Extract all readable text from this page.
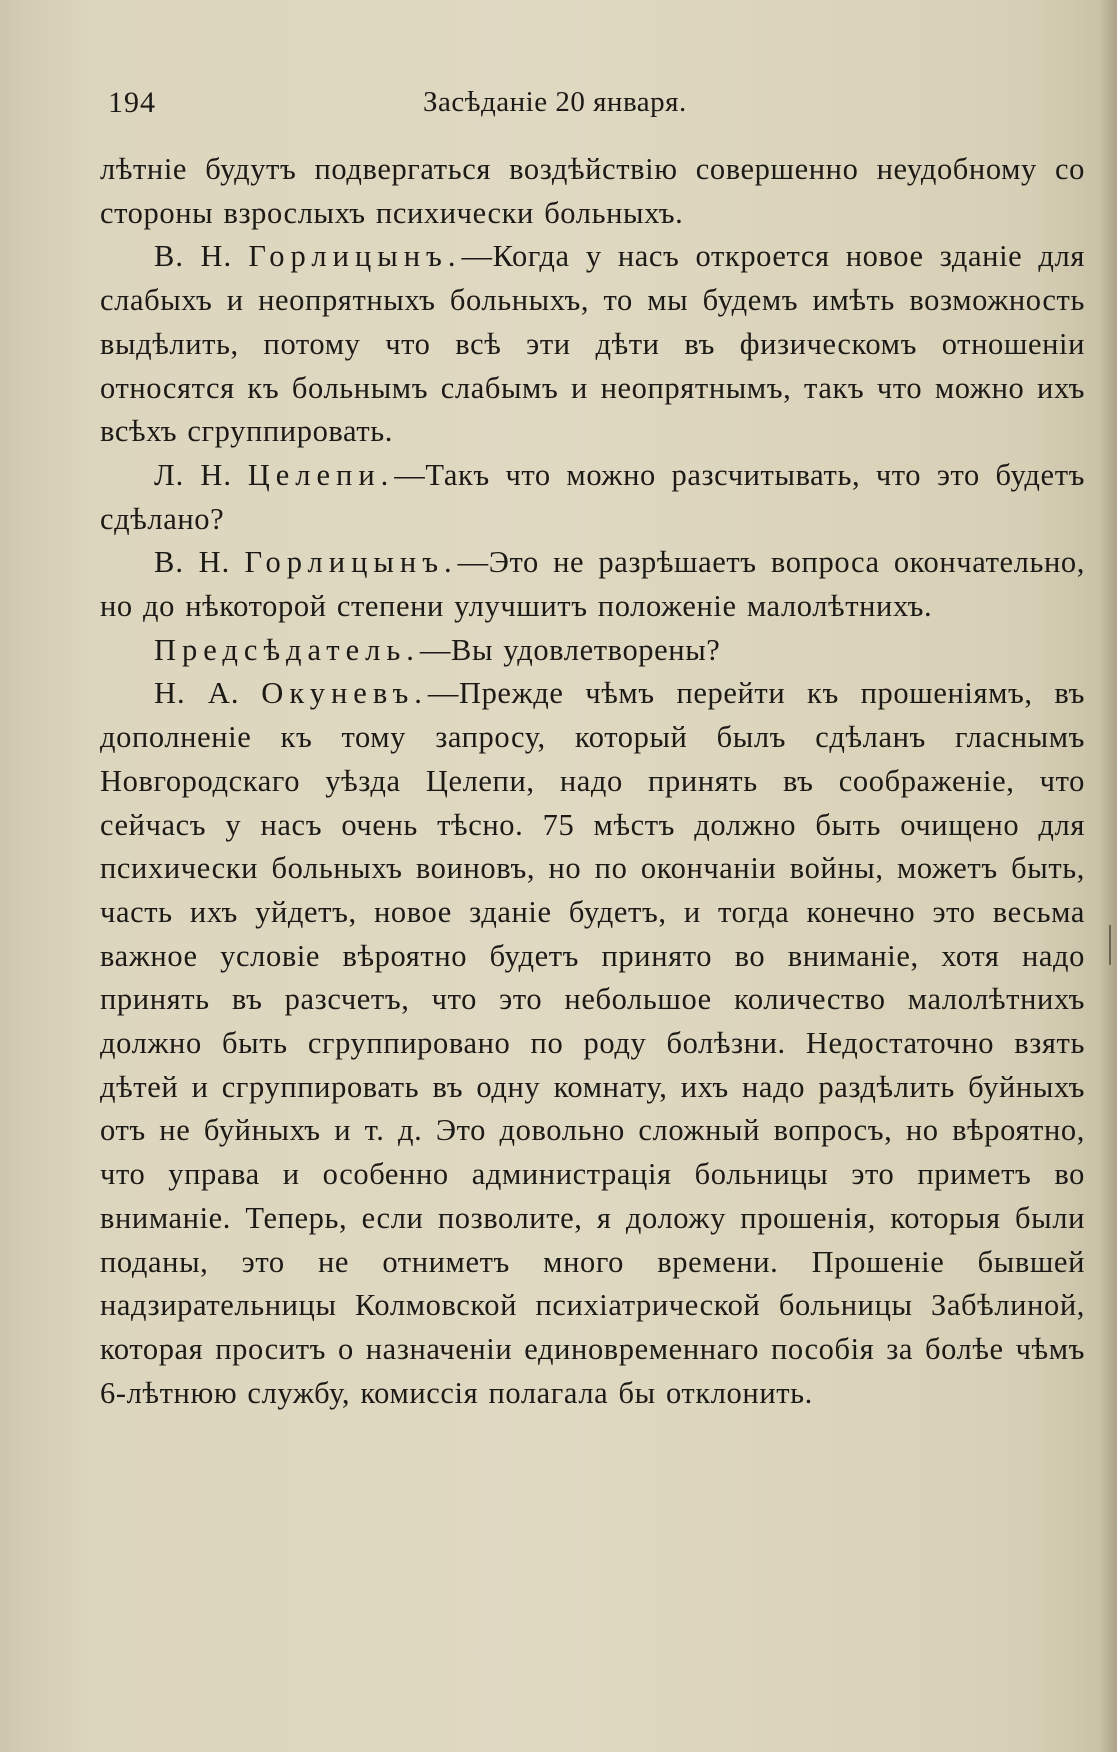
194	Засѣданіе 20 января.

лѣтніе будутъ подвергаться воздѣйствію совершенно неудобному со стороны взрослыхъ психически больныхъ.

В. Н. Горлицынъ.—Когда у насъ откроется новое зданіе для слабыхъ и неопрятныхъ больныхъ, то мы будемъ имѣть возможность выдѣлить, потому что всѣ эти дѣти въ физическомъ отношеніи относятся къ больнымъ слабымъ и неопрятнымъ, такъ что можно ихъ всѣхъ сгруппировать.

Л. Н. Целепи.—Такъ что можно разсчитывать, что это будетъ сдѣлано?

В. Н. Горлицынъ.—Это не разрѣшаетъ вопроса окончательно, но до нѣкоторой степени улучшитъ положеніе малолѣтнихъ.

Предсѣдатель.—Вы удовлетворены?

Н. А. Окуневъ.—Прежде чѣмъ перейти къ прошеніямъ, въ дополненіе къ тому запросу, который былъ сдѣланъ гласнымъ Новгородскаго уѣзда Целепи, надо принять въ соображеніе, что сейчасъ у насъ очень тѣсно. 75 мѣстъ должно быть очищено для психически больныхъ воиновъ, но по окончаніи войны, можетъ быть, часть ихъ уйдетъ, новое зданіе будетъ, и тогда конечно это весьма важное условіе вѣроятно будетъ принято во вниманіе, хотя надо принять въ разсчетъ, что это небольшое количество малолѣтнихъ должно быть сгруппировано по роду болѣзни. Недостаточно взять дѣтей и сгруппировать въ одну комнату, ихъ надо раздѣлить буйныхъ отъ не буйныхъ и т. д. Это довольно сложный вопросъ, но вѣроятно, что управа и особенно администрація больницы это приметъ во вниманіе. Теперь, если позволите, я доложу прошенія, которыя были поданы, это не отниметъ много времени. Прошеніе бывшей надзирательницы Колмовской психіатрической больницы Забѣлиной, которая проситъ о назначеніи единовременнаго пособія за болѣе чѣмъ 6-лѣтнюю службу, комиссія полагала бы отклонить.
